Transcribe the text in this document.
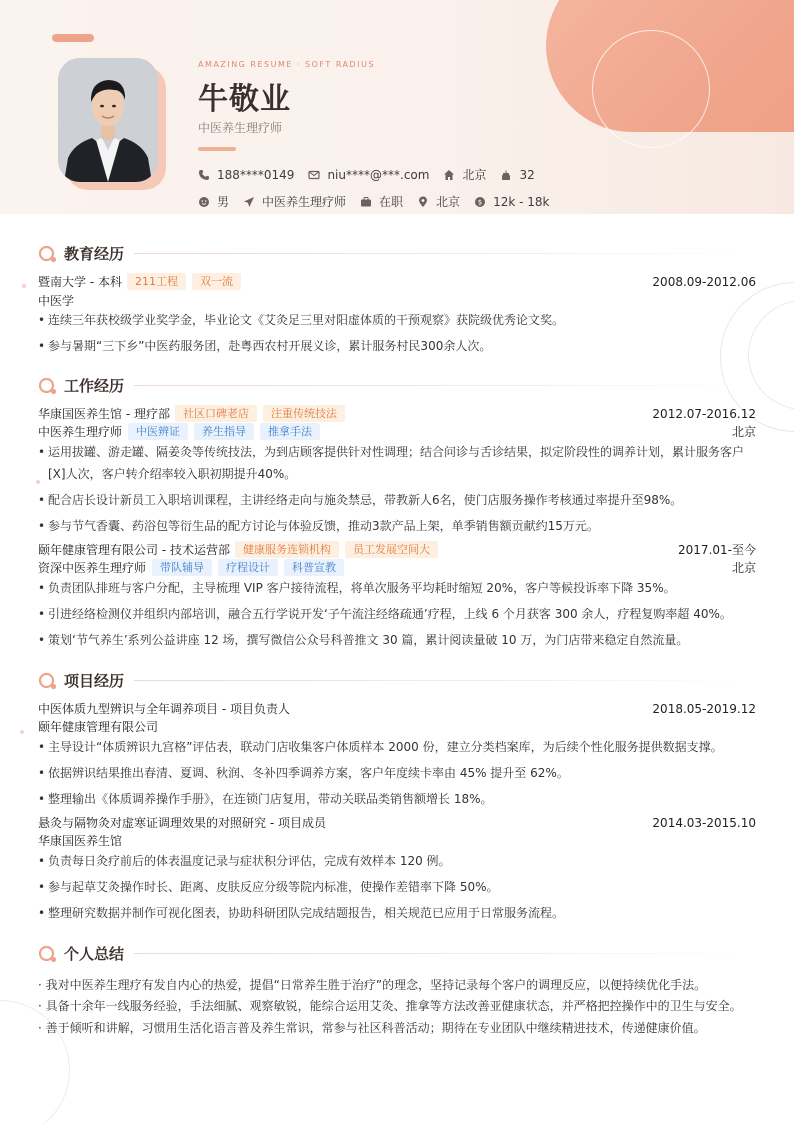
AMAZING RESUME · SOFT RADIUS
牛敬业
中医养生理疗师
188****0149	niu****@***.com	北京	32
男	中医养生理疗师	在职	北京	$ 12k - 18k
教育经历
暨南大学 - 本科	211工程	双一流	2008.09-2012.06
中医学
• 连续三年获校级学业奖学金，毕业论文《艾灸足三里对阳虚体质的干预观察》获院级优秀论文奖。
• 参与暑期“三下乡”中医药服务团，赴粤西农村开展义诊，累计服务村民300余人次。
工作经历
华康国医养生馆 - 理疗部	社区口碑老店	注重传统技法	2012.07-2016.12
中医养生理疗师	中医辨证	养生指导	推拿手法	北京
• 运用拔罐、游走罐、隔姜灸等传统技法，为到店顾客提供针对性调理；结合问诊与舌诊结果，拟定阶段性的调养计划，累计服务客户[X]人次，客户转介绍率较入职初期提升40%。
• 配合店长设计新员工入职培训课程，主讲经络走向与施灸禁忌，带教新人6名，使门店服务操作考核通过率提升至98%。
• 参与节气香囊、药浴包等衍生品的配方讨论与体验反馈，推动3款产品上架，单季销售额贡献约15万元。
颐年健康管理有限公司 - 技术运营部	健康服务连锁机构	员工发展空间大	2017.01-至今
资深中医养生理疗师	带队辅导	疗程设计	科普宣教	北京
• 负责团队排班与客户分配，主导梳理 VIP 客户接待流程，将单次服务平均耗时缩短 20%，客户等候投诉率下降 35%。
• 引进经络检测仪并组织内部培训，融合五行学说开发‘子午流注经络疏通’疗程，上线 6 个月获客 300 余人，疗程复购率超 40%。
• 策划‘节气养生’系列公益讲座 12 场，撰写微信公众号科普推文 30 篇，累计阅读量破 10 万，为门店带来稳定自然流量。
项目经历
中医体质九型辨识与全年调养项目 - 项目负责人	2018.05-2019.12
颐年健康管理有限公司
• 主导设计“体质辨识九宫格”评估表，联动门店收集客户体质样本 2000 份，建立分类档案库，为后续个性化服务提供数据支撑。
• 依据辨识结果推出春清、夏调、秋润、冬补四季调养方案，客户年度续卡率由 45% 提升至 62%。
• 整理输出《体质调养操作手册》，在连锁门店复用，带动关联品类销售额增长 18%。
悬灸与隔物灸对虚寒证调理效果的对照研究 - 项目成员	2014.03-2015.10
华康国医养生馆
• 负责每日灸疗前后的体表温度记录与症状积分评估，完成有效样本 120 例。
• 参与起草艾灸操作时长、距离、皮肤反应分级等院内标准，使操作差错率下降 50%。
• 整理研究数据并制作可视化图表，协助科研团队完成结题报告，相关规范已应用于日常服务流程。
个人总结
· 我对中医养生理疗有发自内心的热爱，提倡“日常养生胜于治疗”的理念，坚持记录每个客户的调理反应，以便持续优化手法。
· 具备十余年一线服务经验，手法细腻、观察敏锐，能综合运用艾灸、推拿等方法改善亚健康状态，并严格把控操作中的卫生与安全。
· 善于倾听和讲解，习惯用生活化语言普及养生常识，常参与社区科普活动；期待在专业团队中继续精进技术，传递健康价值。
